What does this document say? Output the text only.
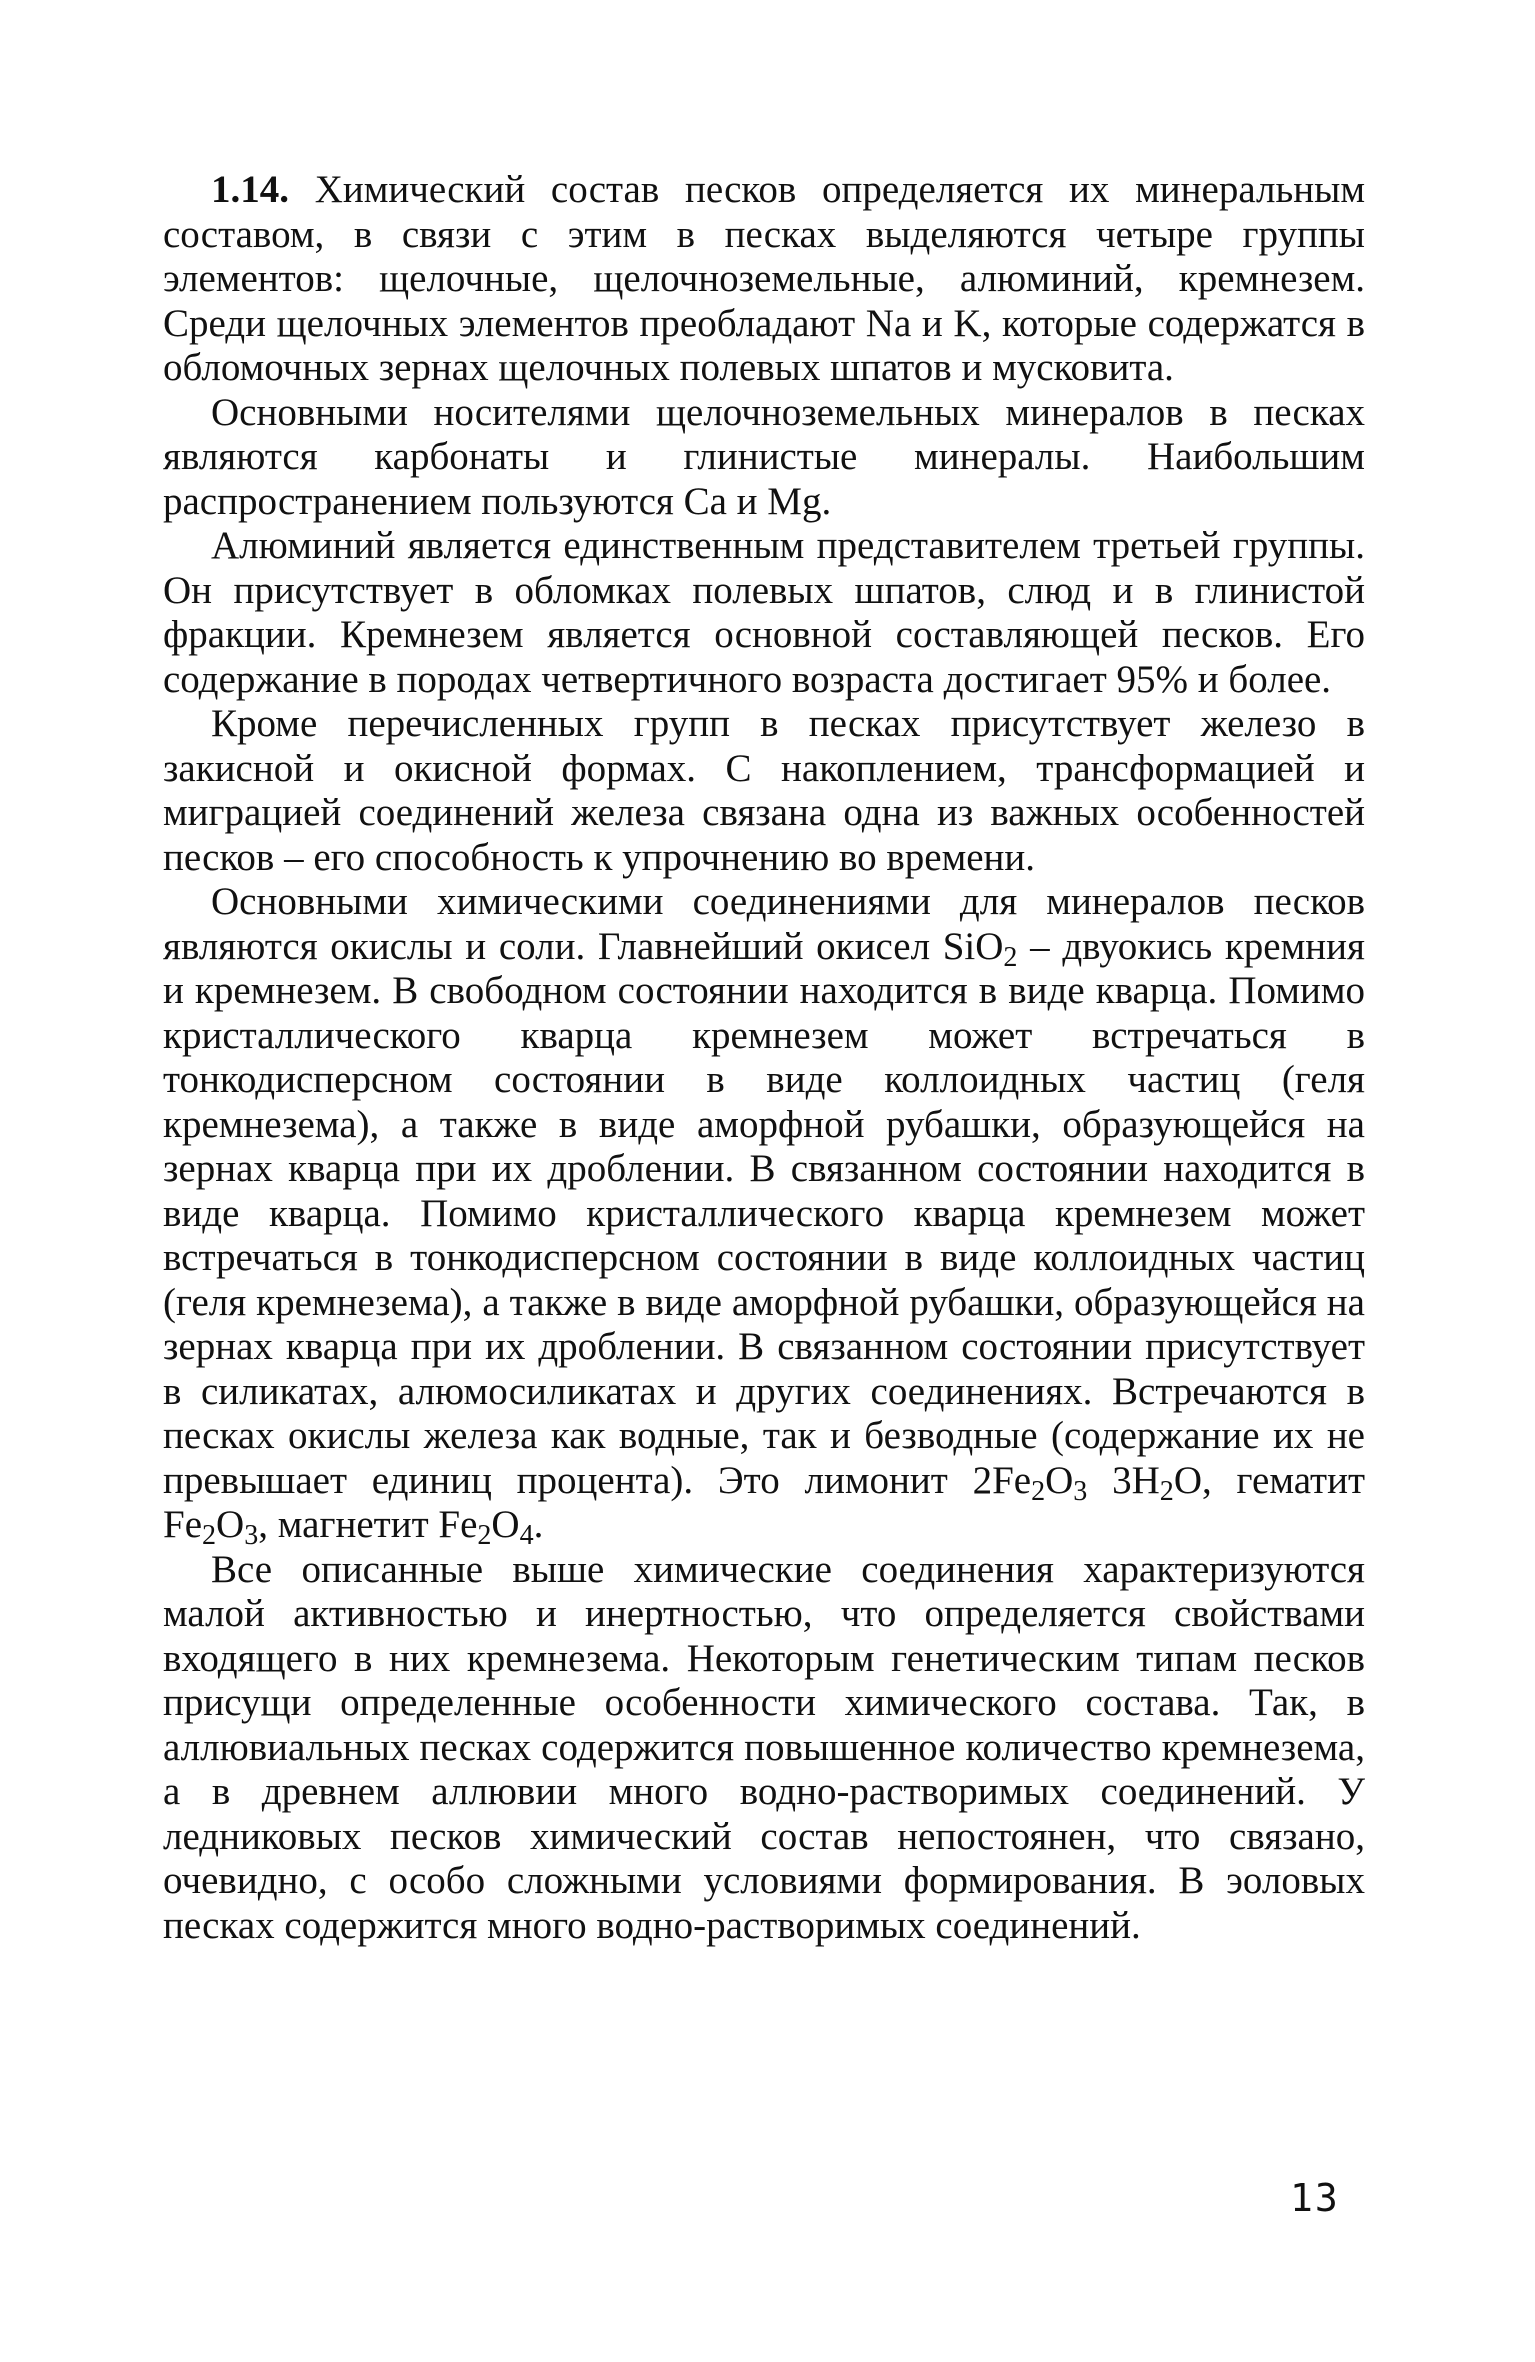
1.14. Химический состав песков определяется их минеральным составом, в связи с этим в песках выделяются четыре группы элементов: щелочные, щелочноземельные, алюминий, кремнезем. Среди щелочных элементов преобладают Na и K, которые содержатся в обломочных зернах щелочных полевых шпатов и мусковита.

Основными носителями щелочноземельных минералов в песках являются карбонаты и глинистые минералы. Наибольшим распространением пользуются Ca и Mg.

Алюминий является единственным представителем третьей группы. Он присутствует в обломках полевых шпатов, слюд и в глинистой фракции. Кремнезем является основной составляющей песков. Его содержание в породах четвертичного возраста достигает 95% и более.

Кроме перечисленных групп в песках присутствует железо в закисной и окисной формах. С накоплением, трансформацией и миграцией соединений железа связана одна из важных особенностей песков – его способность к упрочнению во времени.

Основными химическими соединениями для минералов песков являются окислы и соли. Главнейший окисел SiO$_2$ – двуокись кремния и кремнезем. В свободном состоянии находится в виде кварца. Помимо кристаллического кварца кремнезем может встречаться в тонкодисперсном состоянии в виде коллоидных частиц (геля кремнезема), а также в виде аморфной рубашки, образующейся на зернах кварца при их дроблении. В связанном состоянии находится в виде кварца. Помимо кристаллического кварца кремнезем может встречаться в тонкодисперсном состоянии в виде коллоидных частиц (геля кремнезема), а также в виде аморфной рубашки, образующейся на зернах кварца при их дроблении. В связанном состоянии присутствует в силикатах, алюмосиликатах и других соединениях. Встречаются в песках окислы железа как водные, так и безводные (содержание их не превышает единиц процента). Это лимонит $2Fe_2O_3$ $3H_2O$, гематит $Fe_2O_3$, магнетит $Fe_2O_4$.

Все описанные выше химические соединения характеризуются малой активностью и инертностью, что определяется свойствами входящего в них кремнезема. Некоторым генетическим типам песков присущи определенные особенности химического состава. Так, в аллювиальных песках содержится повышенное количество кремнезема, а в древнем аллювии много водно-растворимых соединений. У ледниковых песков химический состав непостоянен, что связано, очевидно, с особо сложными условиями формирования. В эоловых песках содержится много водно-растворимых соединений.

13
